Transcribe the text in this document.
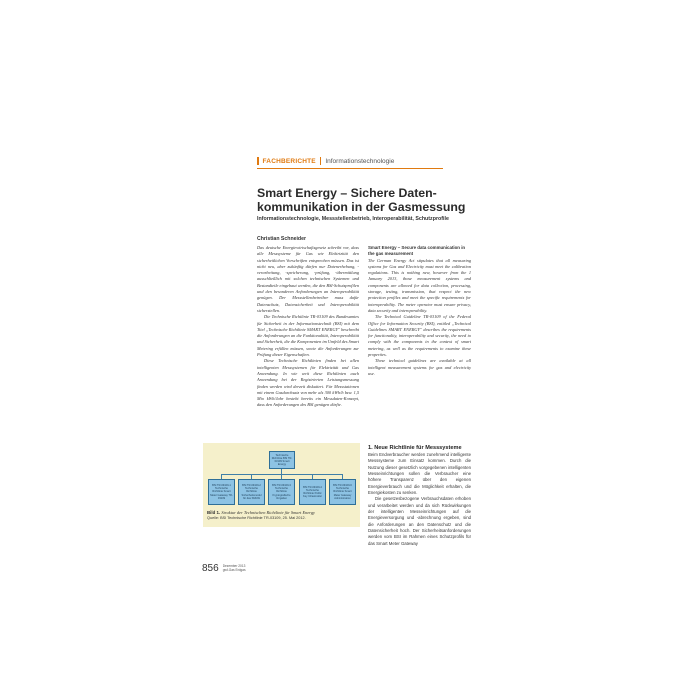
FACHBERICHTE Informationstechnologie
Smart Energy – Sichere Daten-
kommunikation in der Gasmessung
Informationstechnologie, Messstellenbetrieb, Interoperabilität, Schutzprofile
Christian Schneider

Das deutsche Energiewirtschaftsgesetz schreibt vor, dass alle Messsysteme für Gas wie Elektrizität den sicherheitlichen Vorschriften entsprechen müssen. Das ist nicht neu, aber zukünftig dürfen nur Datenerhebung, -verarbeitung, -speicherung, -prüfung, -übermittlung ausschließlich mit solchen technischen Systemen und Bestandteile eingebaut werden, die den BSI-Schutzprofilen und den besonderen Anforderungen an Interoperabilität genügen. Der Messstellenbetreiber muss dafür Datenschutz, Datensicherheit und Interoperabilität sicherstellen.

Die Technische Richtlinie TR-03109 des Bundesamtes für Sicherheit in der Informationstechnik (BSI) mit dem Titel „Technische Richtlinie SMART ENERGY" beschreibt die Anforderungen an die Funktionalität, Interoperabilität und Sicherheit, die die Komponenten im Umfeld des Smart Metering erfüllen müssen, sowie die Anforderungen zur Prüfung dieser Eigenschaften.

Diese Technische Richtlinien finden bei allen intelligenten Messsystemen für Elektrizität und Gas Anwendung. In wie weit diese Richtlinien auch Anwendung bei der Registrierten Leistungsmessung finden werden wird derzeit diskutiert. Für Messstationen mit einem Gasdurchsatz von mehr als 300 kWh/h bzw. 1,5 Mio kWh/Jahr besteht bereits ein Messdaten-Konzept, dass den Anforderungen des BSI genügen dürfte.

Smart Energy – Secure data communication in the gas measurement

The German Energy Act stipulates that all measuring systems for Gas and Electricity must meet the calibration regulations. This is nothing new, however from the 1 January 2013, those measurement systems and components are allowed for data collection, processing, storage, testing, transmission, that respect the new protection profiles and meet the specific requirements for interoperability. The meter operator must ensure privacy, data security and interoperability.

The Technical Guideline TR-03109 of the Federal Office for Information Security (BSI), entitled „Technical Guidelines SMART ENERGY" describes the requirements for functionality, interoperability and security, the need to comply with the components in the context of smart metering, as well as the requirements to examine these properties.

These technical guidelines are available at all intelligent measurement systems for gas and electricity use.

Technische Richtlinie BSI TR-03109 Smart Energy
BSI TR-03109-1 Technische Richtlinie Smart Meter Gateway TR-03109
BSI TR-03109-2 Technische Richtlinie Sicherheitsmodul für das SMGW
BSI TR-03109-3 Technische Richtlinie Kryptografische Vorgaben
BSI TR-03109-4 Technische Richtlinie Public Key Infrastruktur
BSI TR-03109-6 Technische Richtlinie Smart Meter Gateway Administration
Bild 1. Struktur der Technischen Richtlinie für Smart Energy
Quelle: BSI Technische Richtlinie TR-03109, 25. Mai 2012.
1. Neue Richtlinie für Messsysteme

Beim Endverbraucher werden zunehmend intelligente Messsysteme zum Einsatz kommen. Durch die Nutzung dieser gesetzlich vorgegebenen intelligenten Messeinrichtungen sollen die Verbraucher eine höhere Transparenz über den eigenen Energieverbrauch und die Möglichkeit erhalten, die Energiekosten zu senken.

Die gesetzesbezogene Verbrauchsdaten erhoben und verarbeitet werden und da sich Rückwirkungen der intelligenten Messeinrichtungen auf die Energieversorgung und -abrechnung ergeben, sind die Anforderungen an den Datenschutz und die Datensicherheit hoch. Der Sicherheitsanforderungen werden vom BSI im Rahmen eines Schutzprofils für das Smart Meter Gateway

856 Dezember 2013
gwf-Gas Erdgas
